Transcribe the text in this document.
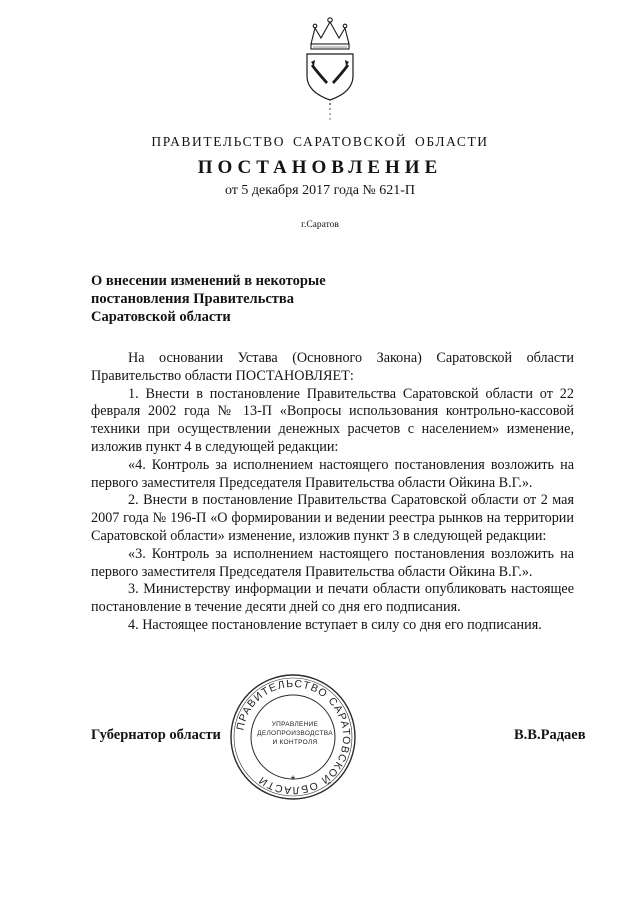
ПРАВИТЕЛЬСТВО САРАТОВСКОЙ ОБЛАСТИ
ПОСТАНОВЛЕНИЕ
от 5 декабря 2017 года № 621-П
г.Саратов
О внесении изменений в некоторые
постановления Правительства
Саратовской области

На основании Устава (Основного Закона) Саратовской области Правительство области ПОСТАНОВЛЯЕТ:

1. Внести в постановление Правительства Саратовской области от 22 февраля 2002 года № 13-П «Вопросы использования контрольно-кассовой техники при осуществлении денежных расчетов с населением» изменение, изложив пункт 4 в следующей редакции:

«4. Контроль за исполнением настоящего постановления возложить на первого заместителя Председателя Правительства области Ойкина В.Г.».

2. Внести в постановление Правительства Саратовской области от 2 мая 2007 года № 196-П «О формировании и ведении реестра рынков на территории Саратовской области» изменение, изложив пункт 3 в следующей редакции:

«3. Контроль за исполнением настоящего постановления возложить на первого заместителя Председателя Правительства области Ойкина В.Г.».

3. Министерству информации и печати области опубликовать настоящее постановление в течение десяти дней со дня его подписания.

4. Настоящее постановление вступает в силу со дня его подписания.

Губернатор области	В.В.Радаев
ПРАВИТЕЛЬСТВО САРАТОВСКОЙ ОБЛАСТИ	*
УПРАВЛЕНИЕ
ДЕЛОПРОИЗВОДСТВА
И КОНТРОЛЯ
